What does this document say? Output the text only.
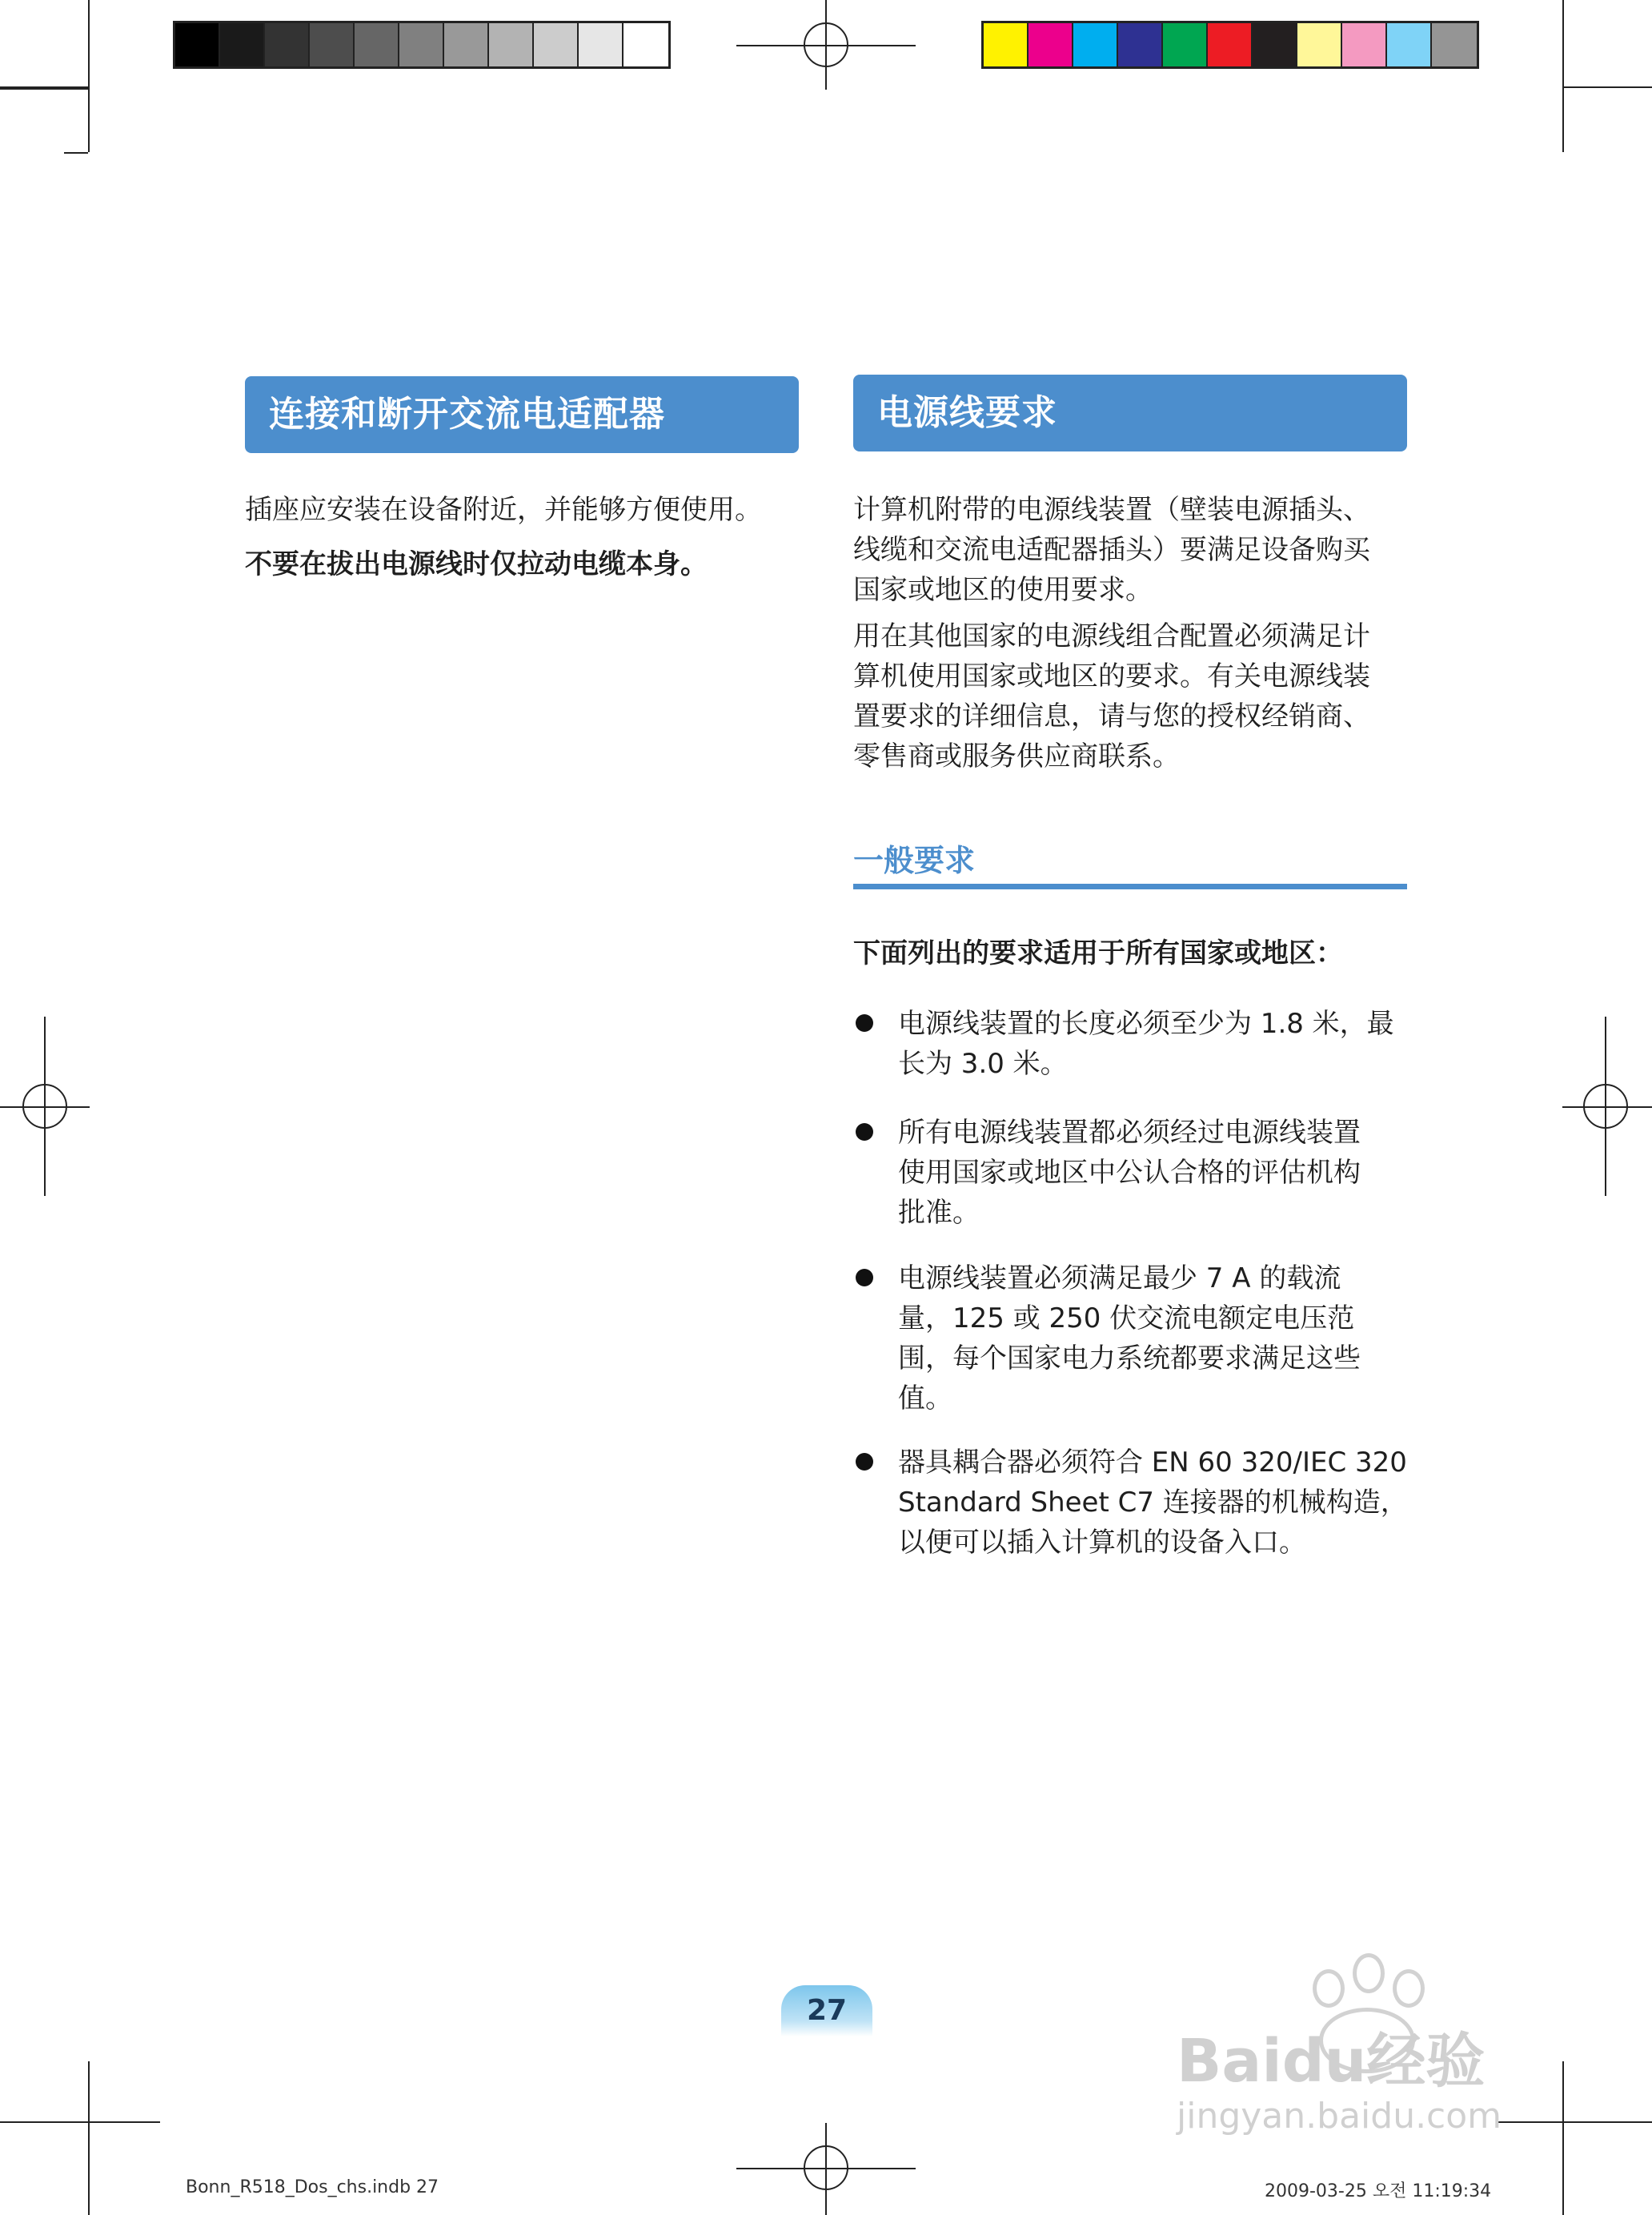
连接和断开交流电适配器
插座应安装在设备附近，并能够方便使用。
不要在拔出电源线时仅拉动电缆本身。
电源线要求
计算机附带的电源线装置（壁装电源插头、
线缆和交流电适配器插头）要满足设备购买
国家或地区的使用要求。
用在其他国家的电源线组合配置必须满足计
算机使用国家或地区的要求。有关电源线装
置要求的详细信息，请与您的授权经销商、
零售商或服务供应商联系。
一般要求
下面列出的要求适用于所有国家或地区：
电源线装置的长度必须至少为 1.8 米，最
长为 3.0 米。
所有电源线装置都必须经过电源线装置
使用国家或地区中公认合格的评估机构
批准。
电源线装置必须满足最少 7 A 的载流
量，125 或 250 伏交流电额定电压范
围，每个国家电力系统都要求满足这些
值。
器具耦合器必须符合 EN 60 320/IEC 320
Standard Sheet C7 连接器的机械构造，
以便可以插入计算机的设备入口。
27
Baidu经验
jingyan.baidu.com
Bonn_R518_Dos_chs.indb 27	2009-03-25 오전 11:19:34
